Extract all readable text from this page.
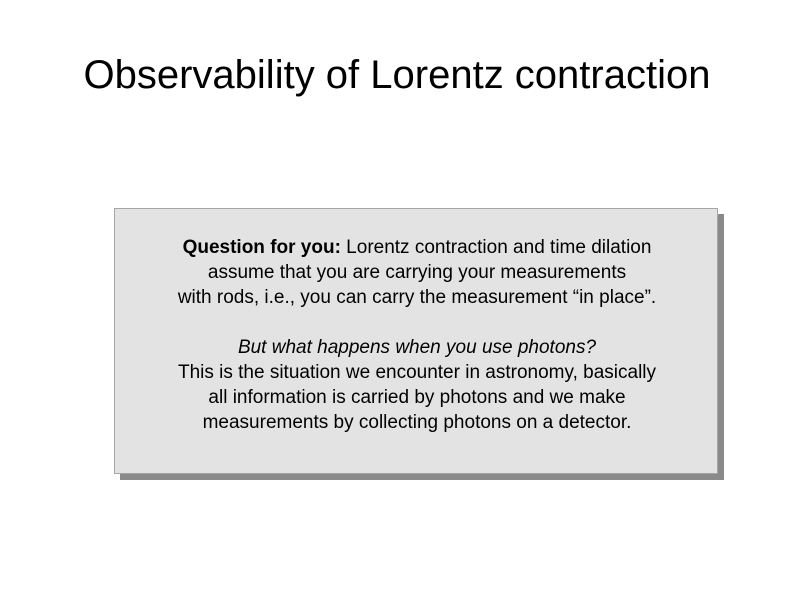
Observability of Lorentz contraction

Question for you: Lorentz contraction and time dilation

assume that you are carrying your measurements

with rods, i.e., you can carry the measurement “in place”.

But what happens when you use photons?

This is the situation we encounter in astronomy, basically

all information is carried by photons and we make

measurements by collecting photons on a detector.
